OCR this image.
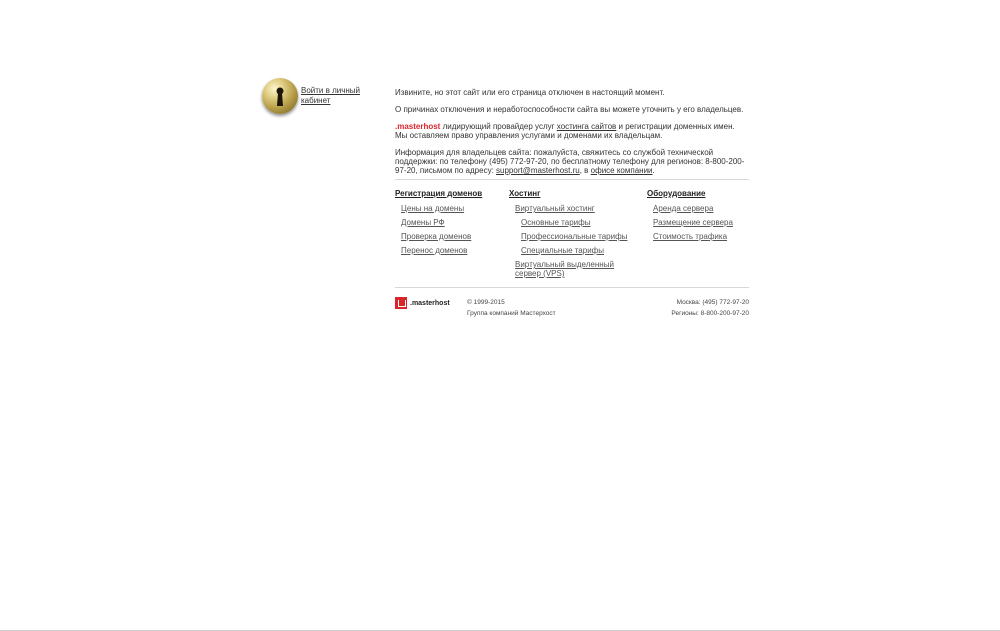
Войти в личный кабинет

Извините, но этот сайт или его страница отключен в настоящий момент.

О причинах отключения и неработоспособности сайта вы можете уточнить у его владельцев.

.masterhost лидирующий провайдер услуг хостинга сайтов и регистрации доменных имен. Мы оставляем право управления услугами и доменами их владельцам.

Информация для владельцев сайта: пожалуйста, свяжитесь со службой технической поддержки: по телефону (495) 772-97-20, по бесплатному телефону для регионов: 8-800-200-97-20, письмом по адресу: support@masterhost.ru, в офисе компании.

Регистрация доменов
Цены на домены
Домены РФ
Проверка доменов
Перенос доменов
Хостинг
Виртуальный хостинг
Основные тарифы
Профессиональные тарифы
Специальные тарифы
Виртуальный выделенный сервер (VPS)
Оборудование
Аренда сервера
Размещение сервера
Стоимость трафика
.masterhost	© 1999-2015
Группа компаний Мастерхост
Москва: (495) 772-97-20
Регионы: 8-800-200-97-20
